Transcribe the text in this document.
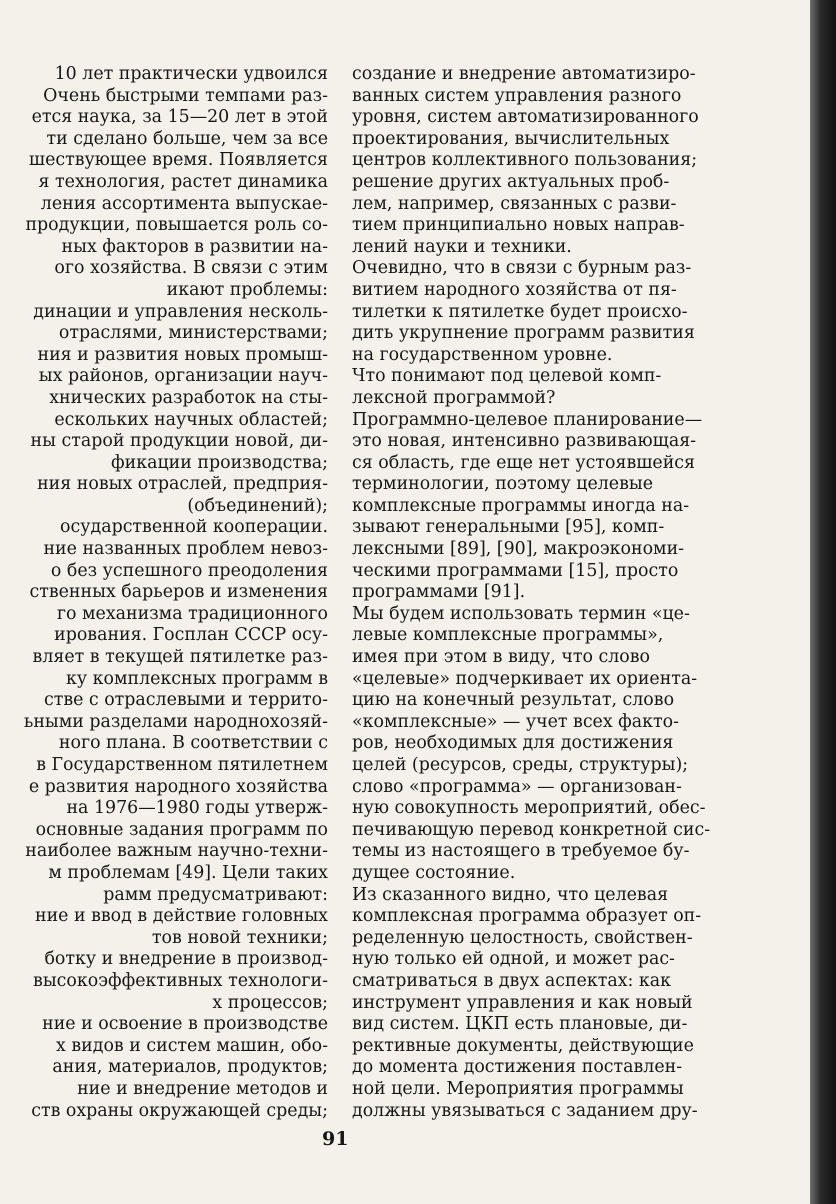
10 лет практически удвоился
Очень быстрыми темпами раз-
ется наука, за 15—20 лет в этой
ти сделано больше, чем за все
шествующее время. Появляется
я технология, растет динамика
ления ассортимента выпускае-
продукции, повышается роль со-
ных факторов в развитии на-
ого хозяйства. В связи с этим
икают проблемы:
динации и управления несколь-
отраслями, министерствами;
ния и развития новых промыш-
ых районов, организации науч-
хнических разработок на сты-
ескольких научных областей;
ны старой продукции новой, ди-
фикации производства;
ния новых отраслей, предприя-
(объединений);
осударственной кооперации.
ние названных проблем невоз-
о без успешного преодоления
ственных барьеров и изменения
го механизма традиционного
ирования. Госплан СССР осу-
вляет в текущей пятилетке раз-
ку комплексных программ в
стве с отраслевыми и террито-
ьными разделами народнохозяй-
ного плана. В соответствии с
в Государственном пятилетнем
е развития народного хозяйства
на 1976—1980 годы утверж-
основные задания программ по
наиболее важным научно-техни-
м проблемам [49]. Цели таких
рамм предусматривают:
ние и ввод в действие головных
тов новой техники;
ботку и внедрение в производ-
высокоэффективных технологи-
х процессов;
ние и освоение в производстве
х видов и систем машин, обо-
ания, материалов, продуктов;
ние и внедрение методов и
ств охраны окружающей среды;
создание и внедрение автоматизиро-
ванных систем управления разного
уровня, систем автоматизированного
проектирования, вычислительных
центров коллективного пользования;
решение других актуальных проб-
лем, например, связанных с разви-
тием принципиально новых направ-
лений науки и техники.
Очевидно, что в связи с бурным раз-
витием народного хозяйства от пя-
тилетки к пятилетке будет происхо-
дить укрупнение программ развития
на государственном уровне.
Что понимают под целевой комп-
лексной программой?
Программно-целевое планирование—
это новая, интенсивно развивающая-
ся область, где еще нет устоявшейся
терминологии, поэтому целевые
комплексные программы иногда на-
зывают генеральными [95], комп-
лексными [89], [90], макроэкономи-
ческими программами [15], просто
программами [91].
Мы будем использовать термин «це-
левые комплексные программы»,
имея при этом в виду, что слово
«целевые» подчеркивает их ориента-
цию на конечный результат, слово
«комплексные» — учет всех факто-
ров, необходимых для достижения
целей (ресурсов, среды, структуры);
слово «программа» — организован-
ную совокупность мероприятий, обес-
печивающую перевод конкретной сис-
темы из настоящего в требуемое бу-
дущее состояние.
Из сказанного видно, что целевая
комплексная программа образует оп-
ределенную целостность, свойствен-
ную только ей одной, и может рас-
сматриваться в двух аспектах: как
инструмент управления и как новый
вид систем. ЦКП есть плановые, ди-
рективные документы, действующие
до момента достижения поставлен-
ной цели. Мероприятия программы
должны увязываться с заданием дру-
91
